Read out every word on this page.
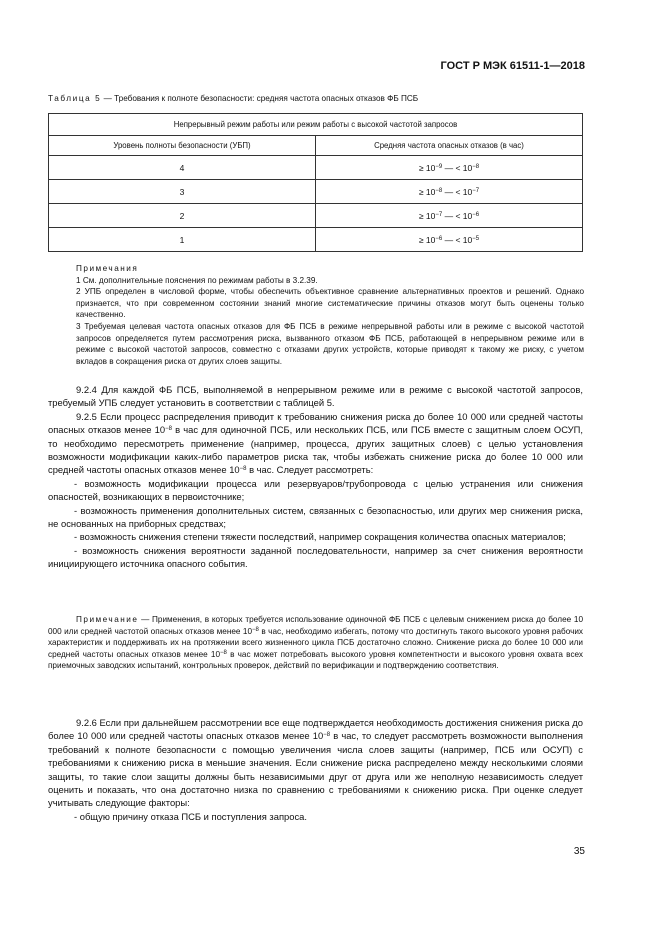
ГОСТ Р МЭК 61511-1—2018
Таблица 5 — Требования к полноте безопасности: средняя частота опасных отказов ФБ ПСБ
Непрерывный режим работы или режим работы с высокой частотой запросов	
Уровень полноты безопасности (УБП)	Средняя частота опасных отказов (в час)
4	≥ $10^{-9}$ — < $10^{-8}$
3	≥ $10^{-8}$ — < $10^{-7}$
2	≥ $10^{-7}$ — < $10^{-6}$
1	≥ $10^{-6}$ — < $10^{-5}$

Примечания

1 См. дополнительные пояснения по режимам работы в 3.2.39.

2 УПБ определен в числовой форме, чтобы обеспечить объективное сравнение альтернативных проектов и решений. Однако признается, что при современном состоянии знаний многие систематические причины отказов могут быть оценены только качественно.

3 Требуемая целевая частота опасных отказов для ФБ ПСБ в режиме непрерывной работы или в режиме с высокой частотой запросов определяется путем рассмотрения риска, вызванного отказом ФБ ПСБ, работающей в непрерывном режиме или в режиме с высокой частотой запросов, совместно с отказами других устройств, которые приводят к такому же риску, с учетом вкладов в сокращения риска от других слоев защиты.

9.2.4 Для каждой ФБ ПСБ, выполняемой в непрерывном режиме или в режиме с высокой частотой запросов, требуемый УПБ следует установить в соответствии с таблицей 5.

9.2.5 Если процесс распределения приводит к требованию снижения риска до более 10 000 или средней частоты опасных отказов менее $10^{-8}$ в час для одиночной ПСБ, или нескольких ПСБ, или ПСБ вместе с защитным слоем ОСУП, то необходимо пересмотреть применение (например, процесса, других защитных слоев) с целью установления возможности модификации каких-либо параметров риска так, чтобы избежать снижение риска до более 10 000 или средней частоты опасных отказов менее $10^{-8}$ в час. Следует рассмотреть:

- возможность модификации процесса или резервуаров/трубопровода с целью устранения или снижения опасностей, возникающих в первоисточнике;

- возможность применения дополнительных систем, связанных с безопасностью, или других мер снижения риска, не основанных на приборных средствах;

- возможность снижения степени тяжести последствий, например сокращения количества опасных материалов;

- возможность снижения вероятности заданной последовательности, например за счет снижения вероятности инициирующего источника опасного события.

Примечание — Применения, в которых требуется использование одиночной ФБ ПСБ с целевым снижением риска до более 10 000 или средней частотой опасных отказов менее $10^{-8}$ в час, необходимо избегать, потому что достигнуть такого высокого уровня рабочих характеристик и поддерживать их на протяжении всего жизненного цикла ПСБ достаточно сложно. Снижение риска до более 10 000 или средней частоты опасных отказов менее $10^{-8}$ в час может потребовать высокого уровня компетентности и высокого уровня охвата всех приемочных заводских испытаний, контрольных проверок, действий по верификации и подтверждению соответствия.

9.2.6 Если при дальнейшем рассмотрении все еще подтверждается необходимость достижения снижения риска до более 10 000 или средней частоты опасных отказов менее $10^{-8}$ в час, то следует рассмотреть возможности выполнения требований к полноте безопасности с помощью увеличения числа слоев защиты (например, ПСБ или ОСУП) с требованиями к снижению риска в меньшие значения. Если снижение риска распределено между несколькими слоями защиты, то такие слои защиты должны быть независимыми друг от друга или же неполную независимость следует оценить и показать, что она достаточно низка по сравнению с требованиями к снижению риска. При оценке следует учитывать следующие факторы:

- общую причину отказа ПСБ и поступления запроса.

35
